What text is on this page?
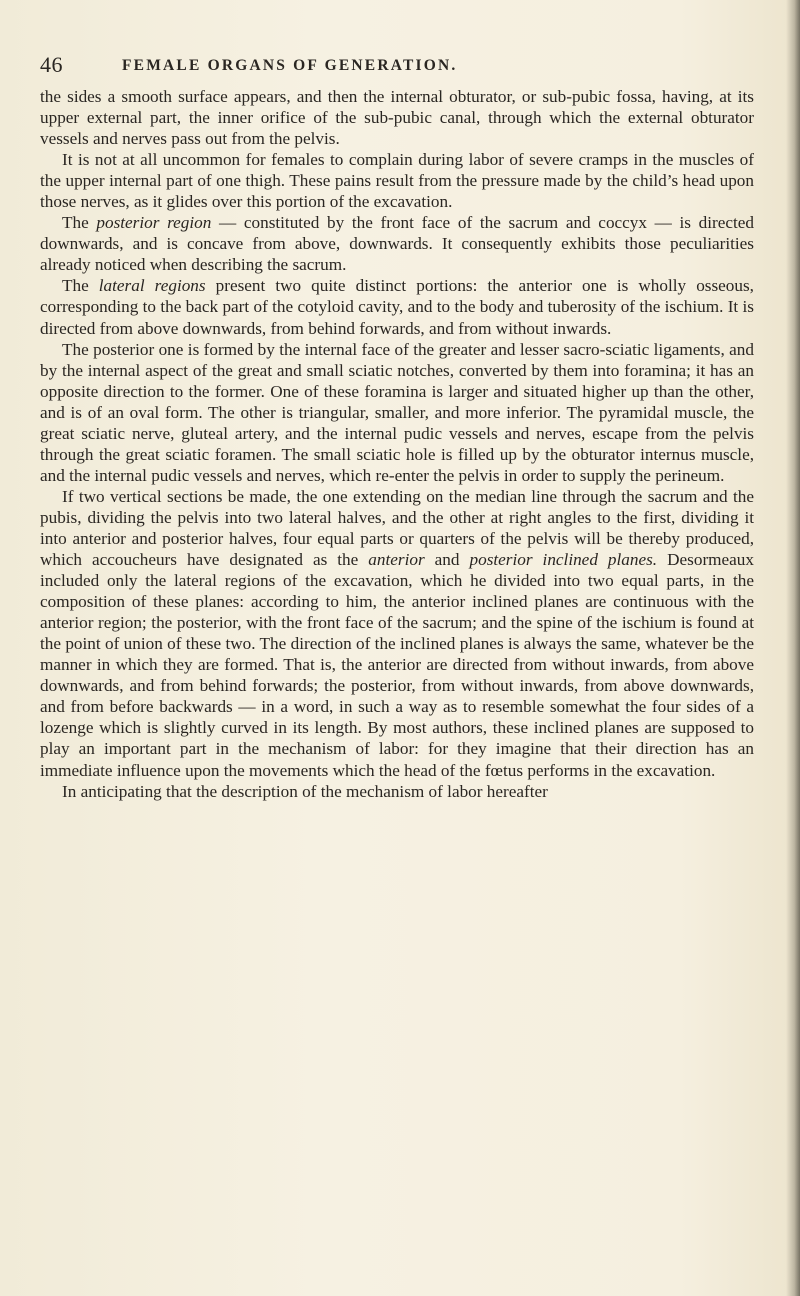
46	FEMALE ORGANS OF GENERATION.

the sides a smooth surface appears, and then the internal obturator, or sub-pubic fossa, having, at its upper external part, the inner orifice of the sub-pubic canal, through which the external obturator vessels and nerves pass out from the pelvis.

It is not at all uncommon for females to complain during labor of severe cramps in the muscles of the upper internal part of one thigh. These pains result from the pressure made by the child’s head upon those nerves, as it glides over this portion of the excavation.

The posterior region — constituted by the front face of the sacrum and coccyx — is directed downwards, and is concave from above, downwards. It consequently exhibits those peculiarities already noticed when describing the sacrum.

The lateral regions present two quite distinct portions: the anterior one is wholly osseous, corresponding to the back part of the cotyloid cavity, and to the body and tuberosity of the ischium. It is directed from above downwards, from behind forwards, and from without inwards.

The posterior one is formed by the internal face of the greater and lesser sacro-sciatic ligaments, and by the internal aspect of the great and small sciatic notches, converted by them into foramina; it has an opposite direction to the former. One of these foramina is larger and situated higher up than the other, and is of an oval form. The other is triangular, smaller, and more inferior. The pyramidal muscle, the great sciatic nerve, gluteal artery, and the internal pudic vessels and nerves, escape from the pelvis through the great sciatic foramen. The small sciatic hole is filled up by the obturator internus muscle, and the internal pudic vessels and nerves, which re-enter the pelvis in order to supply the perineum.

If two vertical sections be made, the one extending on the median line through the sacrum and the pubis, dividing the pelvis into two lateral halves, and the other at right angles to the first, dividing it into anterior and posterior halves, four equal parts or quarters of the pelvis will be thereby produced, which accoucheurs have designated as the anterior and posterior inclined planes. Desormeaux included only the lateral regions of the excavation, which he divided into two equal parts, in the composition of these planes: according to him, the anterior inclined planes are continuous with the anterior region; the posterior, with the front face of the sacrum; and the spine of the ischium is found at the point of union of these two. The direction of the inclined planes is always the same, whatever be the manner in which they are formed. That is, the anterior are directed from without inwards, from above downwards, and from behind forwards; the posterior, from without inwards, from above downwards, and from before backwards — in a word, in such a way as to resemble somewhat the four sides of a lozenge which is slightly curved in its length. By most authors, these inclined planes are supposed to play an important part in the mechanism of labor: for they imagine that their direction has an immediate influence upon the movements which the head of the fœtus performs in the excavation.

In anticipating that the description of the mechanism of labor hereafter
